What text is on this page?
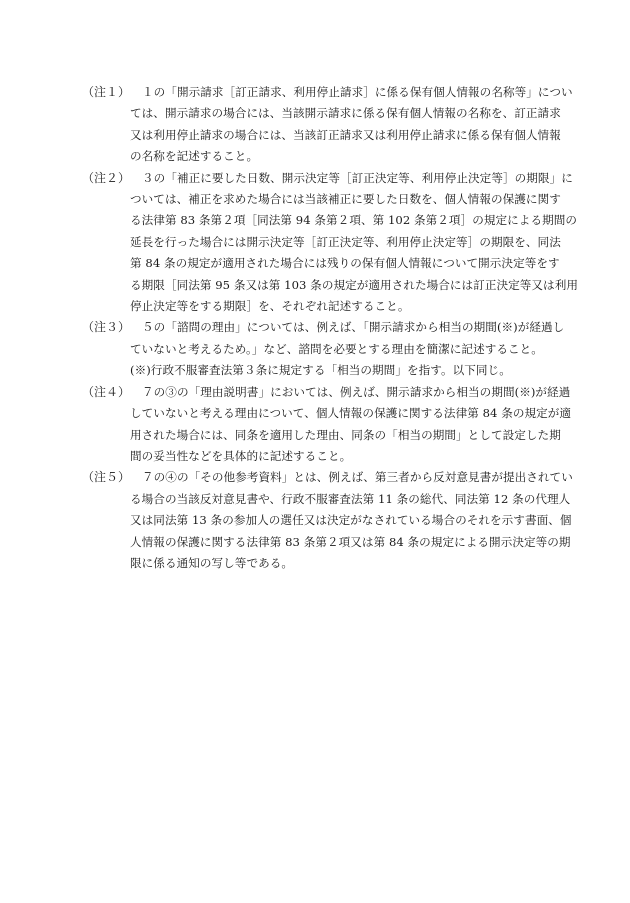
（注１）	１の「開示請求［訂正請求、利用停止請求］に係る保有個人情報の名称等」につい
ては、開示請求の場合には、当該開示請求に係る保有個人情報の名称を、訂正請求
又は利用停止請求の場合には、当該訂正請求又は利用停止請求に係る保有個人情報
の名称を記述すること。
（注２）	３の「補正に要した日数、開示決定等［訂正決定等、利用停止決定等］の期限」に
ついては、補正を求めた場合には当該補正に要した日数を、個人情報の保護に関す
る法律第 83 条第２項［同法第 94 条第２項、第 102 条第２項］の規定による期間の
延長を行った場合には開示決定等［訂正決定等、利用停止決定等］の期限を、同法
第 84 条の規定が適用された場合には残りの保有個人情報について開示決定等をす
る期限［同法第 95 条又は第 103 条の規定が適用された場合には訂正決定等又は利用
停止決定等をする期限］を、それぞれ記述すること。
（注３）	５の「諮問の理由」については、例えば、「開示請求から相当の期間(※)が経過し
ていないと考えるため。」など、諮問を必要とする理由を簡潔に記述すること。
(※)行政不服審査法第３条に規定する「相当の期間」を指す。以下同じ。
（注４）	７の③の「理由説明書」においては、例えば、開示請求から相当の期間(※)が経過
していないと考える理由について、個人情報の保護に関する法律第 84 条の規定が適
用された場合には、同条を適用した理由、同条の「相当の期間」として設定した期
間の妥当性などを具体的に記述すること。
（注５）	７の④の「その他参考資料」とは、例えば、第三者から反対意見書が提出されてい
る場合の当該反対意見書や、行政不服審査法第 11 条の総代、同法第 12 条の代理人
又は同法第 13 条の参加人の選任又は決定がなされている場合のそれを示す書面、個
人情報の保護に関する法律第 83 条第２項又は第 84 条の規定による開示決定等の期
限に係る通知の写し等である。
